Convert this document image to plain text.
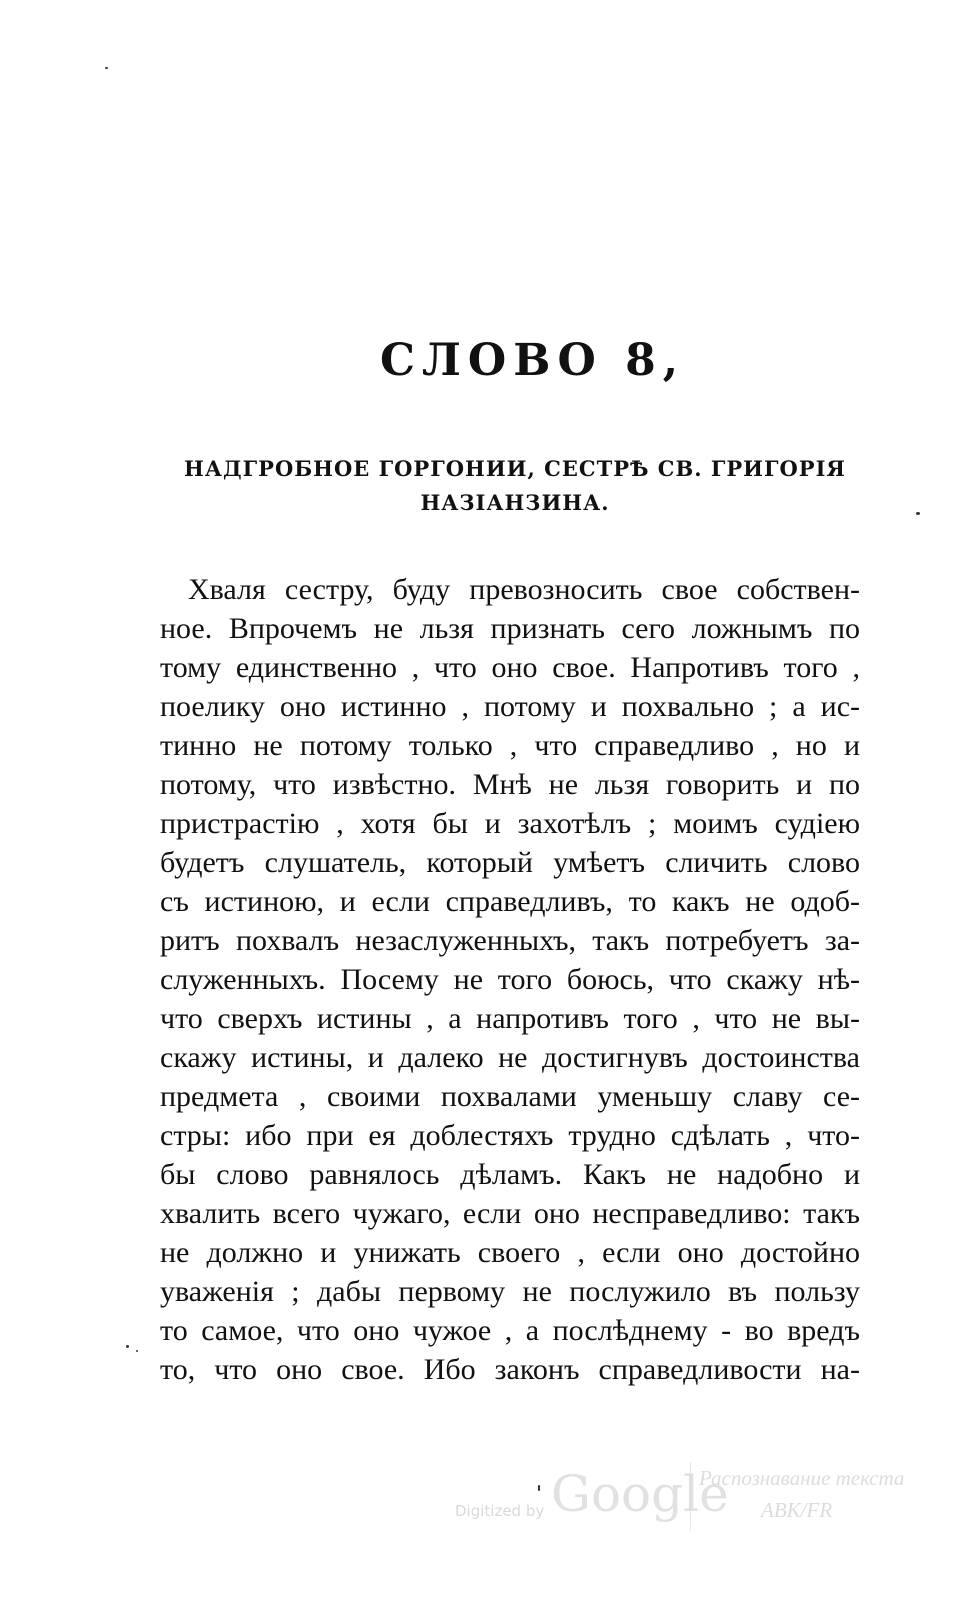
СЛОВО 8,
НАДГРОБНОЕ ГОРГОНИИ, СЕСТРѢ СВ. ГРИГОРІЯ
НАЗІАНЗИНА.
Хваля сестру, буду превозносить свое собствен-
ное. Впрочемъ не льзя признать сего ложнымъ по
тому единственно , что оно свое. Напротивъ того ,
поелику оно истинно , потому и похвально ; а ис-
тинно не потому только , что справедливо , но и
потому, что извѣстно. Мнѣ не льзя говорить и по
пристрастію , хотя бы и захотѣлъ ; моимъ судіею
будетъ слушатель, который умѣетъ сличить слово
съ истиною, и если справедливъ, то какъ не одоб-
ритъ похвалъ незаслуженныхъ, такъ потребуетъ за-
служенныхъ. Посему не того боюсь, что скажу нѣ-
что сверхъ истины , а напротивъ того , что не вы-
скажу истины, и далеко не достигнувъ достоинства
предмета , своими похвалами уменьшу славу се-
стры: ибо при ея доблестяхъ трудно сдѣлать , что-
бы слово равнялось дѣламъ. Какъ не надобно и
хвалить всего чужаго, если оно несправедливо: такъ
не должно и унижать своего , если оно достойно
уваженія ; дабы первому не послужило въ пользу
то самое, что оно чужое , а послѣднему - во вредъ
то, что оно свое. Ибо законъ справедливости на-
Digitized by Google
Распознавание текста
ABK/FR
